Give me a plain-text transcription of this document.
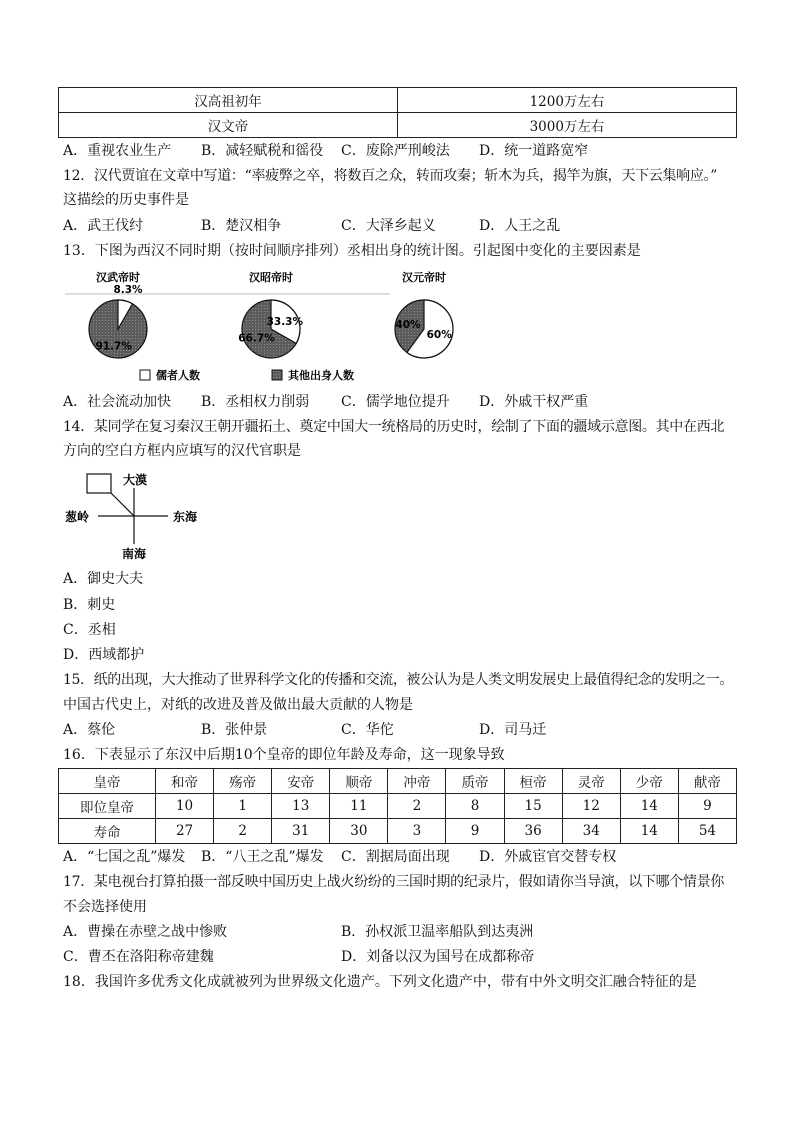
汉高祖初年	1200万左右
汉文帝	3000万左右
A．重视农业生产 B．减轻赋税和徭役 C．废除严刑峻法 D．统一道路宽窄
12．汉代贾谊在文章中写道：“率疲弊之卒，将数百之众，转而攻秦；斩木为兵，揭竿为旗，天下云集响应。”
这描绘的历史事件是
A．武王伐纣	B．楚汉相争	C．大泽乡起义	D．人王之乱
13．下图为西汉不同时期（按时间顺序排列）丞相出身的统计图。引起图中变化的主要因素是
汉武帝时
8.3%
91.7%
汉昭帝时
33.3%
66.7%
汉元帝时
60%
40%
儒者人数	其他出身人数
A．社会流动加快 B．丞相权力削弱 C．儒学地位提升 D．外戚干权严重
14．某同学在复习秦汉王朝开疆拓土、奠定中国大一统格局的历史时，绘制了下面的疆域示意图。其中在西北
方向的空白方框内应填写的汉代官职是
大漠
葱岭	东海
南海
A．御史大夫
B．刺史
C．丞相
D．西域都护
15．纸的出现，大大推动了世界科学文化的传播和交流，被公认为是人类文明发展史上最值得纪念的发明之一。
中国古代史上，对纸的改进及普及做出最大贡献的人物是
A．蔡伦	B．张仲景	C．华佗	D．司马迁
16．下表显示了东汉中后期10个皇帝的即位年龄及寿命，这一现象导致
皇帝	和帝	殇帝	安帝	顺帝	冲帝	质帝	桓帝	灵帝	少帝	献帝
即位皇帝	10	1	13	11	2	8	15	12	14	9
寿命	27	2	31	30	3	9	36	34	14	54
A．“七国之乱”爆发 B．“八王之乱”爆发 C．割据局面出现 D．外戚宦官交替专权
17．某电视台打算拍摄一部反映中国历史上战火纷纷的三国时期的纪录片，假如请你当导演，以下哪个情景你
不会选择使用
A．曹操在赤壁之战中惨败	B．孙权派卫温率船队到达夷洲
C．曹丕在洛阳称帝建魏	D．刘备以汉为国号在成都称帝
18．我国许多优秀文化成就被列为世界级文化遗产。下列文化遗产中，带有中外文明交汇融合特征的是
